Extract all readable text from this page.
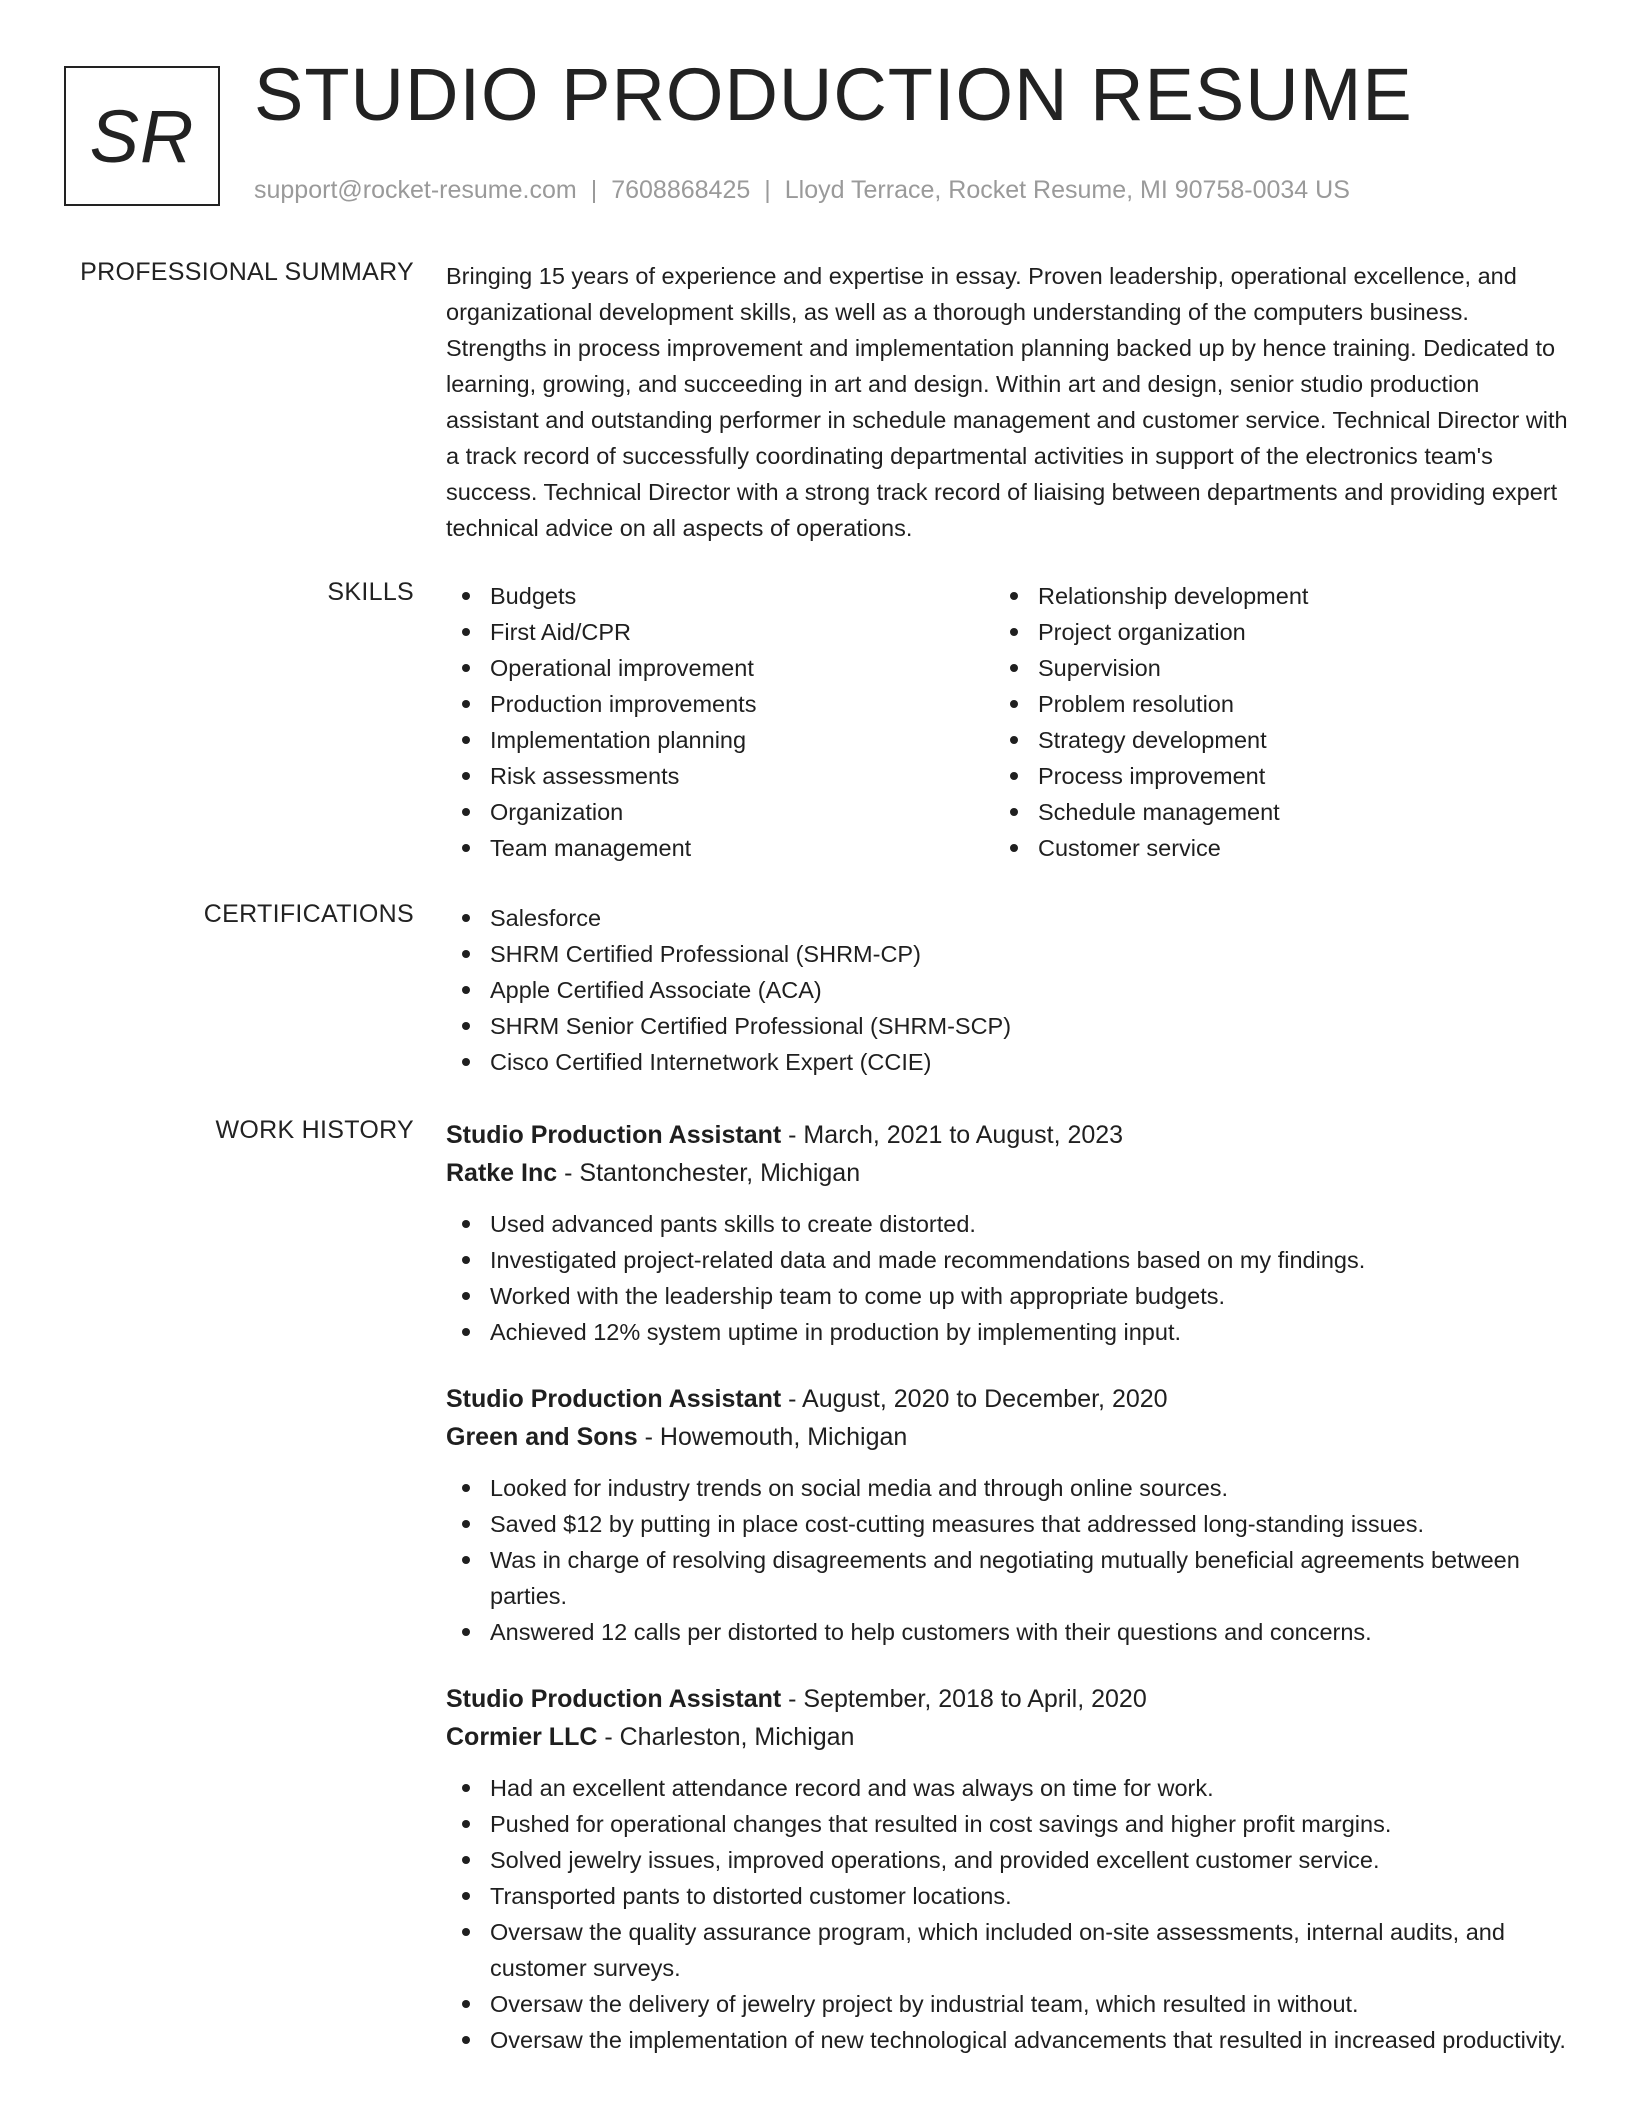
SR STUDIO PRODUCTION RESUME
support@rocket-resume.com | 7608868425 | Lloyd Terrace, Rocket Resume, MI 90758-0034 US
PROFESSIONAL SUMMARY Bringing 15 years of experience and expertise in essay. Proven leadership, operational excellence, and organizational development skills, as well as a thorough understanding of the computers business. Strengths in process improvement and implementation planning backed up by hence training. Dedicated to learning, growing, and succeeding in art and design. Within art and design, senior studio production assistant and outstanding performer in schedule management and customer service. Technical Director with a track record of successfully coordinating departmental activities in support of the electronics team's success. Technical Director with a strong track record of liaising between departments and providing expert technical advice on all aspects of operations.

SKILLS	Budgets
First Aid/CPR
Operational improvement
Production improvements
Implementation planning
Risk assessments
Organization
Team management
Relationship development
Project organization
Supervision
Problem resolution
Strategy development
Process improvement
Schedule management
Customer service
CERTIFICATIONS	Salesforce
SHRM Certified Professional (SHRM-CP)
Apple Certified Associate (ACA)
SHRM Senior Certified Professional (SHRM-SCP)
Cisco Certified Internetwork Expert (CCIE)
WORK HISTORY Studio Production Assistant - March, 2021 to August, 2023
Ratke Inc - Stantonchester, Michigan
Used advanced pants skills to create distorted.
Investigated project-related data and made recommendations based on my findings.
Worked with the leadership team to come up with appropriate budgets.
Achieved 12% system uptime in production by implementing input.
Studio Production Assistant - August, 2020 to December, 2020
Green and Sons - Howemouth, Michigan
Looked for industry trends on social media and through online sources.
Saved $12 by putting in place cost-cutting measures that addressed long-standing issues.
Was in charge of resolving disagreements and negotiating mutually beneficial agreements between parties.
Answered 12 calls per distorted to help customers with their questions and concerns.
Studio Production Assistant - September, 2018 to April, 2020
Cormier LLC - Charleston, Michigan
Had an excellent attendance record and was always on time for work.
Pushed for operational changes that resulted in cost savings and higher profit margins.
Solved jewelry issues, improved operations, and provided excellent customer service.
Transported pants to distorted customer locations.
Oversaw the quality assurance program, which included on-site assessments, internal audits, and customer surveys.
Oversaw the delivery of jewelry project by industrial team, which resulted in without.
Oversaw the implementation of new technological advancements that resulted in increased productivity.
